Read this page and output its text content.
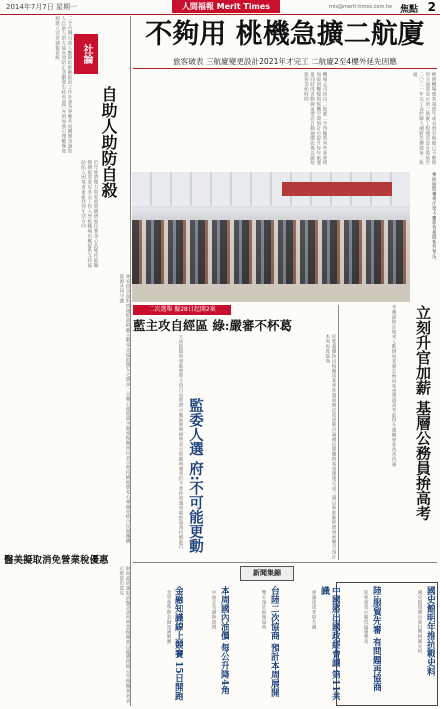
2014年7月7日 星期一	人間福報 Merit Times	mis@merit-times.com.tw 焦點 2
二全台灣自殺人數降低推動防治工作社會各界應共同關懷身邊的人自助人助方能有效防止悲劇發生政府部門亦須加強心理輔導資源建立完善通報系統
近年經濟壓力與家庭問題增加民眾身心負擔社區關懷網絡需要更多志工投入學校職場也應提供支持協助陷入困境者重新找到生活方向
專家指出面對情緒低落時應主動尋求協助親友之間多一分關心便能減少憾事相關單位表示將持續推廣安心專線並結合民間團體資源共同守護
社論
自助人助防自殺
不夠用 桃機急擴二航廈
旅客破表 三航廈變更設計2021年才完工 二航廈2至4樓外延先因應
桃園機場旅客量逐年成長現有航廈已不敷使用交通部表示第三航廈工程變更設計將延至二〇二一年完工為紓解人潮將先擴建第二航廈
機場公司指出二航廈二至四樓將向外延伸增加報到櫃檯與候機空間預計可提升每年旅運量同時改善動線並增設自動通關設備以縮短旅客等候時間
桃園國際機場出境大廳旅客排隊報到情況。
二次選舉 擬28日起開2案
藍主攻自經區 綠:嚴審不杯葛
立法院臨時會藍營將主攻自由經濟示範區條例綠營表示將嚴格審查但不會杯葛議事朝野協商持續進行	民進黨團指出相關法案牽涉層面廣泛需逐條討論國民黨團則希望儘速完成三讀以利推動經濟發展雙方預計本周再度協商
監委人選 府:不可能更動
考選部統計報考人數增加基層公務員希望透過高考取得升遷機會並改善待遇 立刻升官加薪 基層公務員拚高考
醫美擬取消免營業稅優惠
財政部研議取消醫美診所營業稅優惠以維護租稅公平相關業者表示將提出意見	新聞集錦
國史館明年推抗戰史料
陸:服貿先審 有問題再協商
中國將出國政經會議 第11共識
台陸二次協商 預計本周展開
本周國內油價 每公升降4角
金融知識線上競賽 15日開跑	國史館規劃出版抗戰相關史料
陸委會表示服貿協議審查
會議達成多項共識
雙方預計展開協商
中油宣布調降油價
金管會舉辦金融知識競賽
